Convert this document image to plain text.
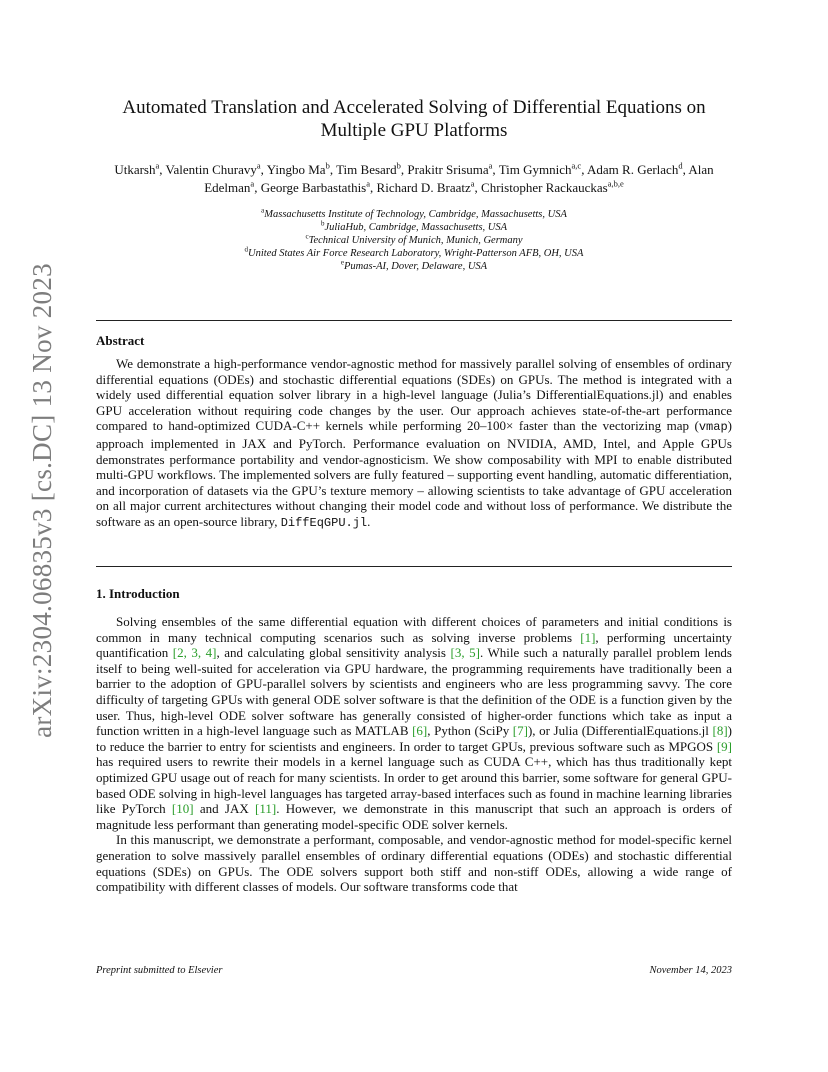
arXiv:2304.06835v3 [cs.DC] 13 Nov 2023
Automated Translation and Accelerated Solving of Differential Equations on
Multiple GPU Platforms
Utkarsh$^a$, Valentin Churavy$^a$, Yingbo Ma$^b$, Tim Besard$^b$, Prakitr Srisuma$^a$, Tim Gymnich$^{a,c}$, Adam R. Gerlach$^d$, Alan Edelman$^a$, George Barbastathis$^a$, Richard D. Braatz$^a$, Christopher Rackauckas$^{a,b,e}$
$^a$Massachusetts Institute of Technology, Cambridge, Massachusetts, USA
$^b$JuliaHub, Cambridge, Massachusetts, USA
$^c$Technical University of Munich, Munich, Germany
$^d$United States Air Force Research Laboratory, Wright-Patterson AFB, OH, USA
$^e$Pumas-AI, Dover, Delaware, USA
Abstract

We demonstrate a high-performance vendor-agnostic method for massively parallel solving of ensembles of ordinary differential equations (ODEs) and stochastic differential equations (SDEs) on GPUs. The method is integrated with a widely used differential equation solver library in a high-level language (Julia’s DifferentialEquations.jl) and enables GPU acceleration without requiring code changes by the user. Our approach achieves state-of-the-art performance compared to hand-optimized CUDA-C++ kernels while performing 20–100× faster than the vectorizing map (vmap) approach implemented in JAX and PyTorch. Performance evaluation on NVIDIA, AMD, Intel, and Apple GPUs demonstrates performance portability and vendor-agnosticism. We show composability with MPI to enable distributed multi-GPU workflows. The implemented solvers are fully featured – supporting event handling, automatic differentiation, and incorporation of datasets via the GPU’s texture memory – allowing scientists to take advantage of GPU acceleration on all major current architectures without changing their model code and without loss of performance. We distribute the software as an open-source library, DiffEqGPU.jl.

1. Introduction

Solving ensembles of the same differential equation with different choices of parameters and initial conditions is common in many technical computing scenarios such as solving inverse problems [1], performing uncertainty quantification [2, 3, 4], and calculating global sensitivity analysis [3, 5]. While such a naturally parallel problem lends itself to being well-suited for acceleration via GPU hardware, the programming requirements have traditionally been a barrier to the adoption of GPU-parallel solvers by scientists and engineers who are less programming savvy. The core difficulty of targeting GPUs with general ODE solver software is that the definition of the ODE is a function given by the user. Thus, high-level ODE solver software has generally consisted of higher-order functions which take as input a function written in a high-level language such as MATLAB [6], Python (SciPy [7]), or Julia (DifferentialEquations.jl [8]) to reduce the barrier to entry for scientists and engineers. In order to target GPUs, previous software such as MPGOS [9] has required users to rewrite their models in a kernel language such as CUDA C++, which has thus traditionally kept optimized GPU usage out of reach for many scientists. In order to get around this barrier, some software for general GPU-based ODE solving in high-level languages has targeted array-based interfaces such as found in machine learning libraries like PyTorch [10] and JAX [11]. However, we demonstrate in this manuscript that such an approach is orders of magnitude less performant than generating model-specific ODE solver kernels.

In this manuscript, we demonstrate a performant, composable, and vendor-agnostic method for model-specific kernel generation to solve massively parallel ensembles of ordinary differential equations (ODEs) and stochastic differential equations (SDEs) on GPUs. The ODE solvers support both stiff and non-stiff ODEs, allowing a wide range of compatibility with different classes of models. Our software transforms code that

Preprint submitted to Elsevier	November 14, 2023
